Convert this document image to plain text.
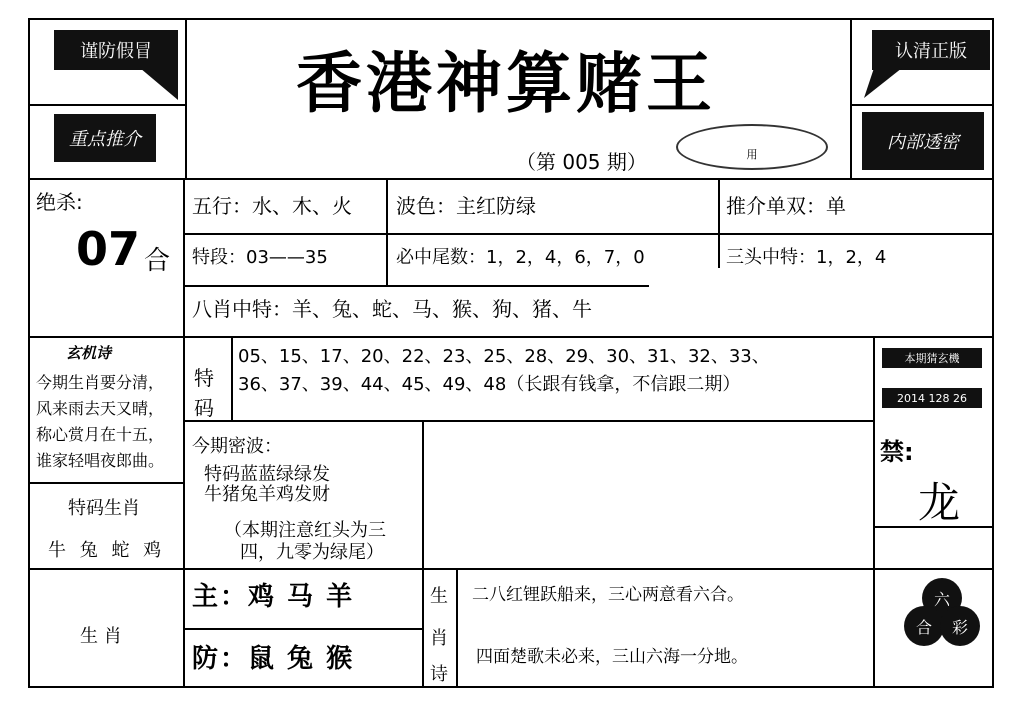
谨防假冒	认清正版
香港神算赌王
重点推介	内部透密
（第 005 期）	用
绝杀:
07 合
五行：水、木、火 波色：主红防绿	推介单双：单
特段：03——35	必中尾数：1，2，4，6，7，0	三头中特：1，2，4
八肖中特：羊、兔、蛇、马、猴、狗、猪、牛
玄机诗
今期生肖要分清，
风来雨去天又晴，
称心赏月在十五，
谁家轻唱夜郎曲。
特
码
05、15、17、20、22、23、25、28、29、30、31、32、33、
36、37、39、44、45、49、48（长跟有钱拿，不信跟二期）
本期猜玄機
2014 128 26
今期密波：
特码蓝蓝绿绿发
牛猪兔羊鸡发财
（本期注意红头为三
四，九零为绿尾）
特码生肖
牛 兔 蛇 鸡
禁:
龙
生 肖
主：鸡 马 羊
防：鼠 兔 猴
生
肖
诗
二八红锂跃船来，三心两意看六合。
四面楚歌未必来，三山六海一分地。
六
合 彩
